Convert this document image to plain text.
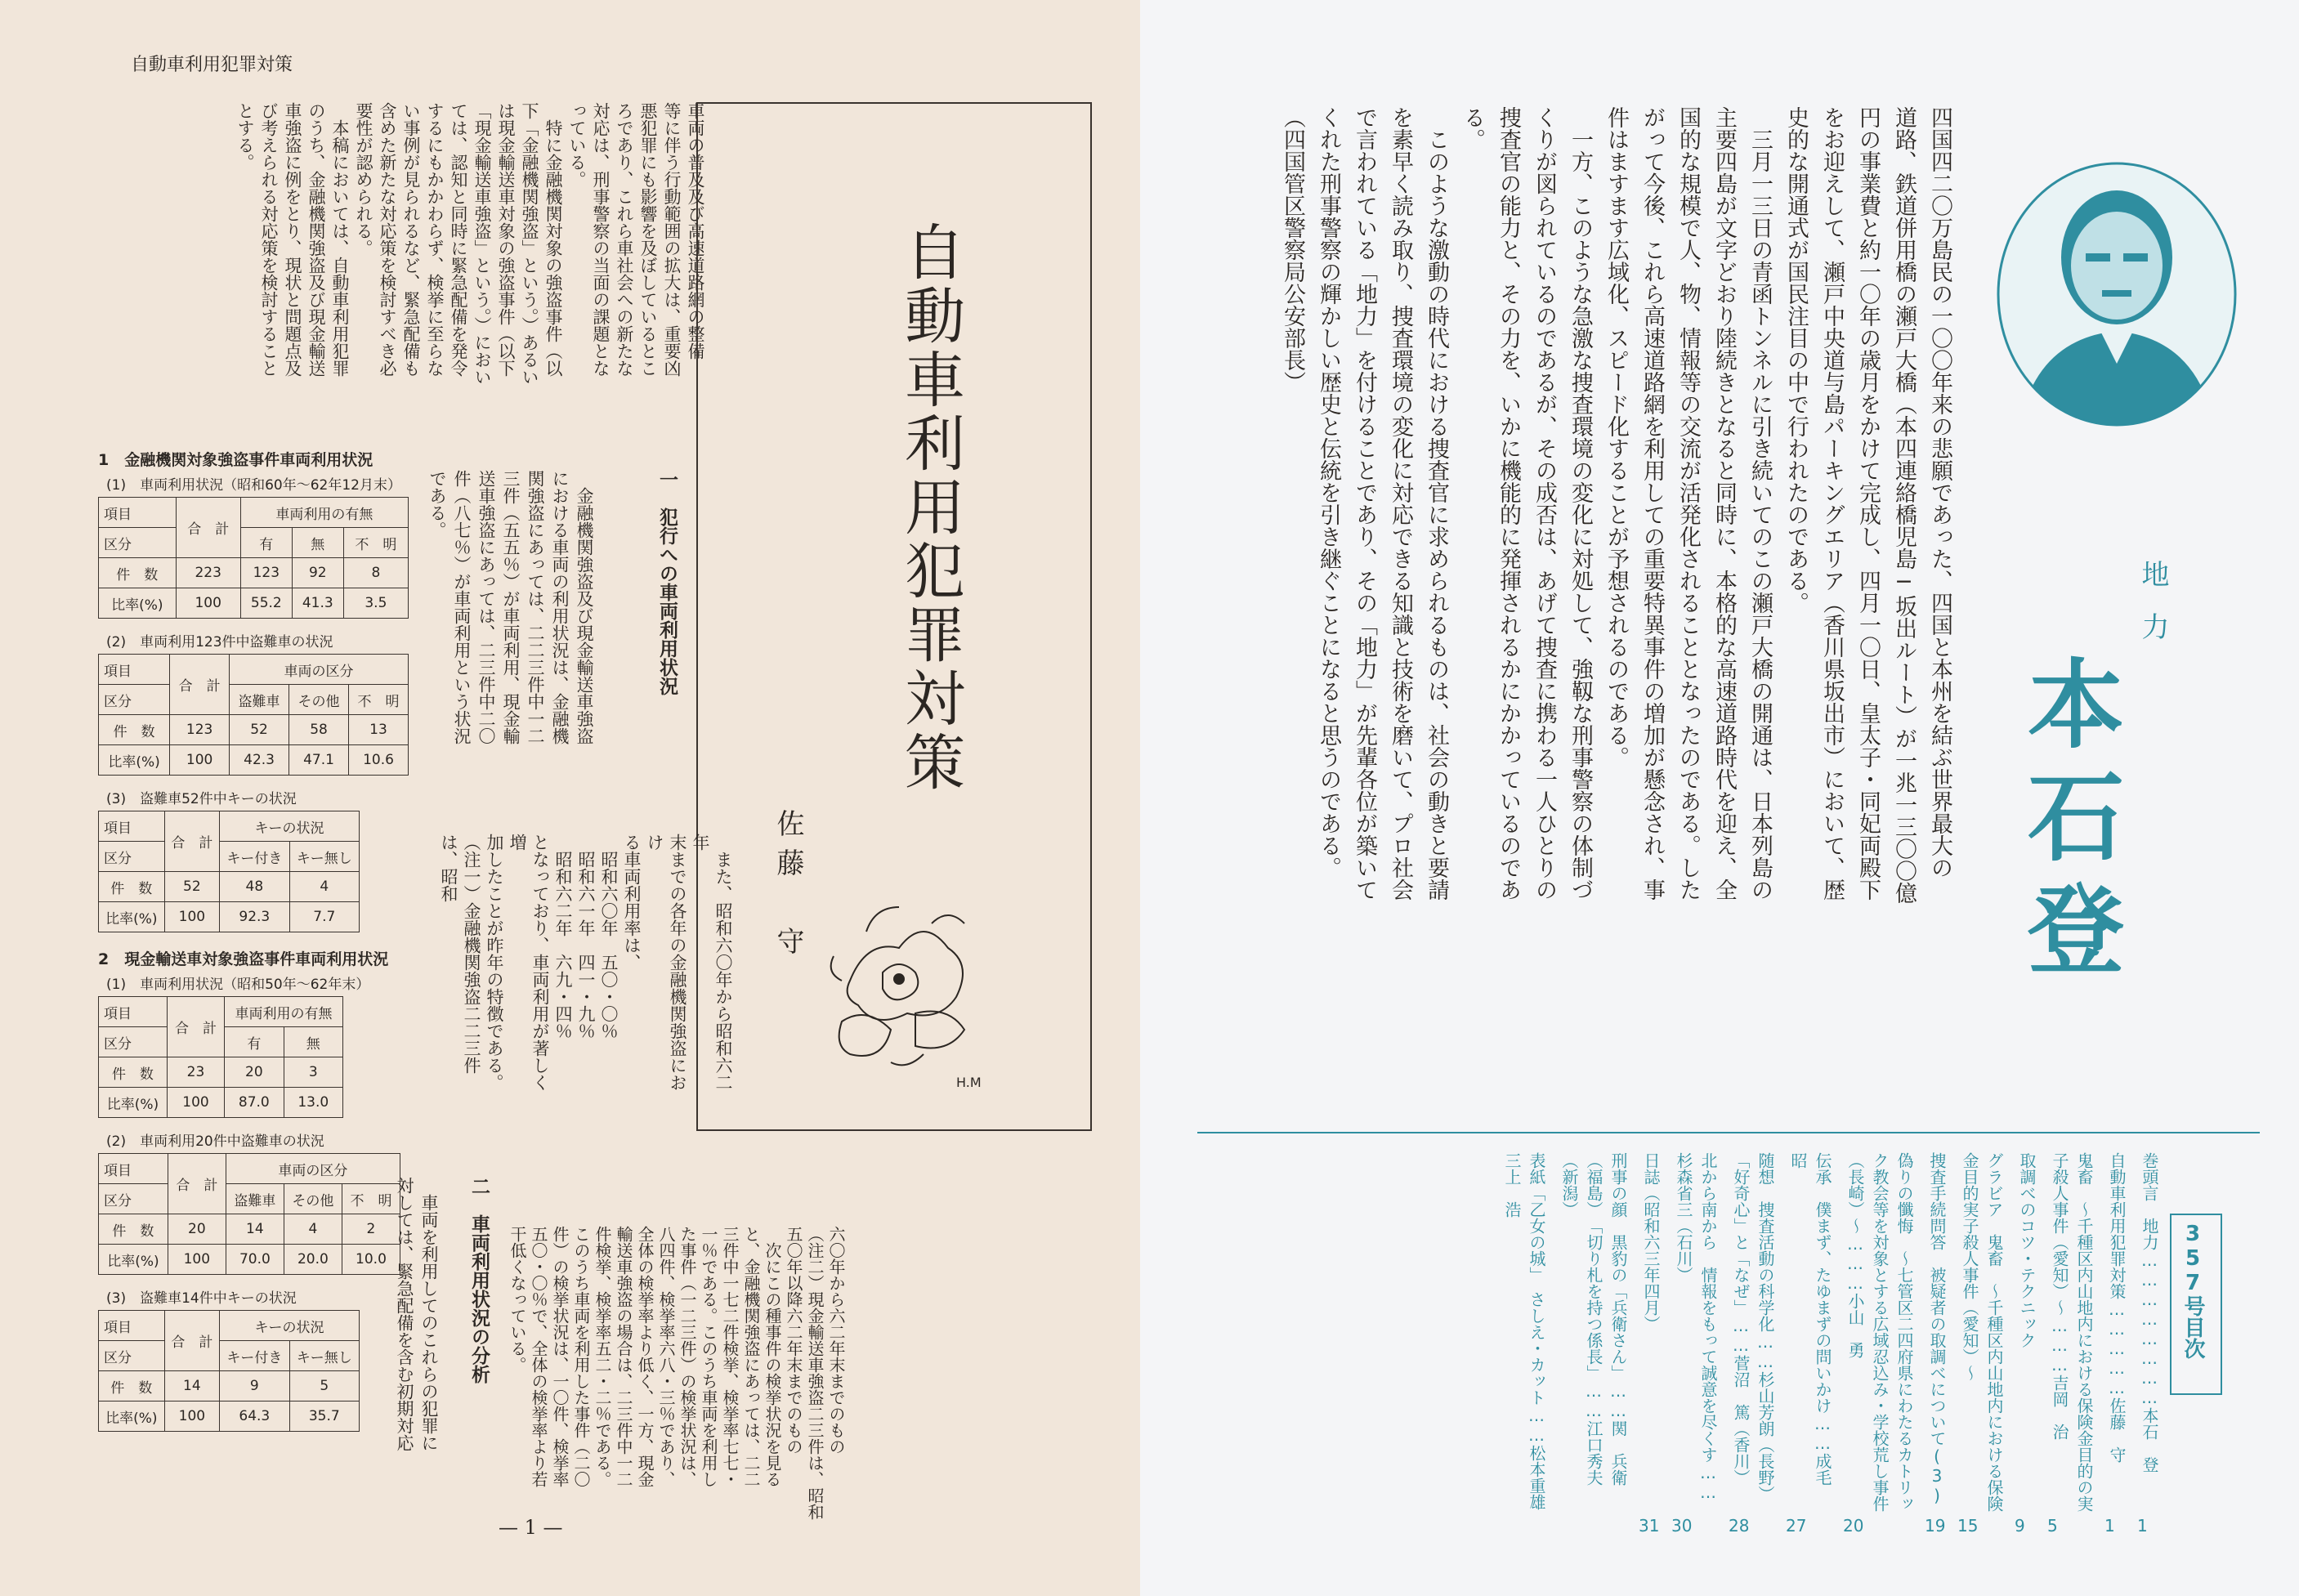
自動車利用犯罪対策

車両の普及及び高速道路網の整備

等に伴う行動範囲の拡大は、重要凶

悪犯罪にも影響を及ぼしているとこ

ろであり、これら車社会への新たな

対応は、刑事警察の当面の課題とな

っている。

　特に金融機関対象の強盗事件（以

下「金融機関強盗」という。）あるい

は現金輸送車対象の強盗事件（以下

「現金輸送車強盗」という。）におい

ては、認知と同時に緊急配備を発令

するにもかかわらず、検挙に至らな

い事例が見られるなど、緊急配備も

含めた新たな対応策を検討すべき必

要性が認められる。

　本稿においては、自動車利用犯罪

のうち、金融機関強盗及び現金輸送

車強盗に例をとり、現状と問題点及

び考えられる対応策を検討すること

とする。

自動車利用犯罪対策
佐藤　守
H.M
一　犯行への車両利用状況

　金融機関強盗及び現金輸送車強盗

における車両の利用状況は、金融機

関強盗にあっては、二二三件中一二

三件（五五％）が車両利用、現金輸

送車強盗にあっては、二三件中二〇

件（八七％）が車両利用という状況

である。

　また、昭和六〇年から昭和六二年

末までの各年の金融機関強盗におけ

る車両利用率は、

　昭和六〇年　五〇・〇％

　昭和六一年　四一・九％

　昭和六二年　六九・四％

となっており、車両利用が著しく増

加したことが昨年の特徴である。

（注一）金融機関強盗二二三件は、昭和

六〇年から六二年末までのもの

（注二）現金輸送車強盗二三件は、昭和

五〇年以降六二年末までのもの

　次にこの種事件の検挙状況を見る

と、金融機関強盗にあっては、二二

三件中一七二件検挙、検挙率七七・

一％である。このうち車両を利用し

た事件（一二三件）の検挙状況は、

八四件、検挙率六八・三％であり、

全体の検挙率より低く、一方、現金

輸送車強盗の場合は、二三件中一二

件検挙、検挙率五二・二％である。

このうち車両を利用した事件（二〇

件）の検挙状況は、一〇件、検挙率

五〇・〇％で、全体の検挙率より若

干低くなっている。

二　車両利用状況の分析

　車両を利用してのこれらの犯罪に

対しては、緊急配備を含む初期対応

1　金融機関対象強盗事件車両利用状況
(1)　車両利用状況（昭和60年～62年12月末）
項目	合　計	車両利用の有無		
区分		有	無	不　明
件　数	223	123	92	8
比率(%)	100	55.2	41.3	3.5
(2)　車両利用123件中盗難車の状況
項目	合　計	車両の区分		
区分		盗難車	その他	不　明
件　数	123	52	58	13
比率(%)	100	42.3	47.1	10.6
(3)　盗難車52件中キーの状況
項目	合　計	キーの状況	
区分		キー付き	キー無し
件　数	52	48	4
比率(%)	100	92.3	7.7
2　現金輸送車対象強盗事件車両利用状況
(1)　車両利用状況（昭和50年～62年末）
項目	合　計	車両利用の有無	
区分		有	無
件　数	23	20	3
比率(%)	100	87.0	13.0
(2)　車両利用20件中盗難車の状況
項目	合　計	車両の区分		
区分		盗難車	その他	不　明
件　数	20	14	4	2
比率(%)	100	70.0	20.0	10.0
(3)　盗難車14件中キーの状況
項目	合　計	キーの状況	
区分		キー付き	キー無し
件　数	14	9	5
比率(%)	100	64.3	35.7
— 1 —
地力
本石登

四国四二〇万島民の一〇〇年来の悲願であった、四国と本州を結ぶ世界最大の

道路、鉄道併用橋の瀬戸大橋（本四連絡橋児島─坂出ルート）が一兆一三〇〇億

円の事業費と約一〇年の歳月をかけて完成し、四月一〇日、皇太子・同妃両殿下

をお迎えして、瀬戸中央道与島パーキングエリア（香川県坂出市）において、歴

史的な開通式が国民注目の中で行われたのである。

　三月一三日の青函トンネルに引き続いてのこの瀬戸大橋の開通は、日本列島の

主要四島が文字どおり陸続きとなると同時に、本格的な高速道路時代を迎え、全

国的な規模で人、物、情報等の交流が活発化されることとなったのである。した

がって今後、これら高速道路網を利用しての重要特異事件の増加が懸念され、事

件はますます広域化、スピード化することが予想されるのである。

　一方、このような急激な捜査環境の変化に対処して、強靱な刑事警察の体制づ

くりが図られているのであるが、その成否は、あげて捜査に携わる一人ひとりの

捜査官の能力と、その力を、いかに機能的に発揮されるかにかかっているのであ

る。

　このような激動の時代における捜査官に求められるものは、社会の動きと要請

を素早く読み取り、捜査環境の変化に対応できる知識と技術を磨いて、プロ社会

で言われている「地力」を付けることであり、その「地力」が先輩各位が築いて

くれた刑事警察の輝かしい歴史と伝統を引き継ぐことになると思うのである。

（四国管区警察局公安部長）

357号目次
巻頭言　地力……………………本石　登
1
自動車利用犯罪対策……………佐藤　守
1
鬼畜　～千種区内山地内における保険金目的の実子殺人事件（愛知）～………吉岡　治
5
取調べのコツ・テクニック
9
グラビア　鬼畜　～千種区内山地内における保険金目的実子殺人事件（愛知）～
15
捜査手続問答　被疑者の取調べについて(3)
19
偽りの懺悔　～七管区二四府県にわたるカトリック教会等を対象とする広域忍込み・学校荒し事件（長崎）～………小山　勇
20
伝承　僕まず、たゆまずの問いかけ……成毛　昭
27
随想　捜査活動の科学化……杉山芳朗（長野）　「好奇心」と「なぜ」……菅沼　篤（香川）
28
北から南から　情報をもって誠意を尽くす……杉森省三（石川）
30
日誌（昭和六三年四月）
31
刑事の顔　黒豹の「兵衛さん」……関　兵衛（福島）　「切り札を持つ係長」……江口秀夫（新潟）
表紙「乙女の城」　さしえ・カット……松本重雄　三上　浩
